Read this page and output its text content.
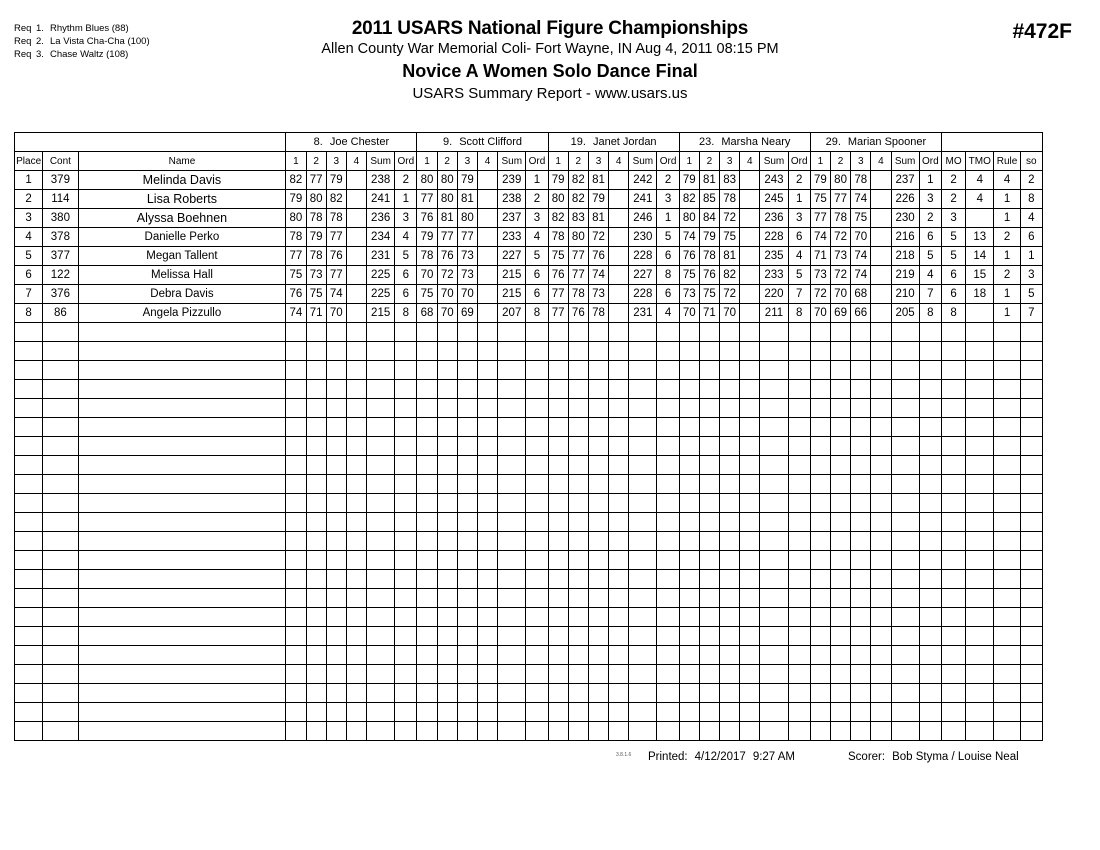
Req 1. Rhythm Blues (88)
Req 2. La Vista Cha-Cha (100)
Req 3. Chase Waltz (108)
2011 USARS National Figure Championships
Allen County War Memorial Coli- Fort Wayne, IN Aug 4, 2011 08:15 PM
Novice A Women Solo Dance Final
USARS Summary Report - www.usars.us
#472F
			8. Joe Chester						9. Scott Clifford						19. Janet Jordan						23. Marsha Neary						29. Marian Spooner									
Place	Cont	Name	1	2	3	4	Sum	Ord	1	2	3	4	Sum	Ord	1	2	3	4	Sum	Ord	1	2	3	4	Sum	Ord	1	2	3	4	Sum	Ord	MO	TMO	Rule	so
1	379	Melinda Davis	82	77	79		238	2	80	80	79		239	1	79	82	81		242	2	79	81	83		243	2	79	80	78		237	1	2	4	4	2
2	114	Lisa Roberts	79	80	82		241	1	77	80	81		238	2	80	82	79		241	3	82	85	78		245	1	75	77	74		226	3	2	4	1	8
3	380	Alyssa Boehnen	80	78	78		236	3	76	81	80		237	3	82	83	81		246	1	80	84	72		236	3	77	78	75		230	2	3		1	4
4	378	Danielle Perko	78	79	77		234	4	79	77	77		233	4	78	80	72		230	5	74	79	75		228	6	74	72	70		216	6	5	13	2	6
5	377	Megan Tallent	77	78	76		231	5	78	76	73		227	5	75	77	76		228	6	76	78	81		235	4	71	73	74		218	5	5	14	1	1
6	122	Melissa Hall	75	73	77		225	6	70	72	73		215	6	76	77	74		227	8	75	76	82		233	5	73	72	74		219	4	6	15	2	3
7	376	Debra Davis	76	75	74		225	6	75	70	70		215	6	77	78	73		228	6	73	75	72		220	7	72	70	68		210	7	6	18	1	5
8	86	Angela Pizzullo	74	71	70		215	8	68	70	69		207	8	77	76	78		231	4	70	71	70		211	8	70	69	66		205	8	8		1	7

3.8.1.6 Printed: 4/12/2017 9:27 AM	Scorer: Bob Styma / Louise Neal
